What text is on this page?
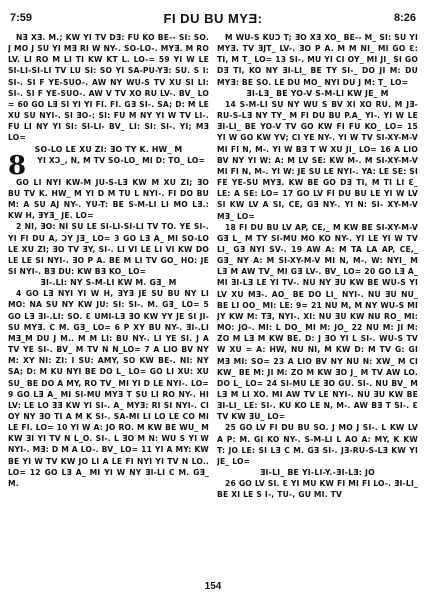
7:59	FI DU BU MYƎ:	8:26

NƎ XƎ. M.; KW YI TV DƎ: FU KO BE-- SI: SO. J MO J SU YI MƎ RI W NY-. SO-LO-. MYƎ. M RO LV. LI RO M LI TI KW KT L. LO-= 59 YI W LE SI-LI-SI-LI TV LU SI: SO YI SA-PU-YƎ: SU. S I: SI-. SI F YE-SUO-. AW NY WU-S TV XU SI LI: SI-. SI F YE-SUO-. AW V TV XO RU LV-. BV_ LO = 60 GO LƎ SI YI YI FI. FI. GƎ SI-. SA; D: M LE XU SU NYI-. SI ƎO-: SI: FU M NY YI W TV LI-. FU LI NY YI SI: SI-LI- BV_ LI: SI: SI-. YI; MƎ LO=

SO-LO LE XU ZI: ƎO TY K. HW_ M

8	YI XƆ_, N, M TV SO-LO_ MI D: TO_ LO=

GO LI NYI KW-M JU-S-LƎ KW M XU ZI; ƎO BU TV K. HW_ M YI D M TU L NYI-. FI DO BU M: A SU AJ NY-. YU-T: BE S-M-LI LI MO LƎ.: KW H, ƎYƎ_ JE. LO=

2 NI, ƎO: NI SU LE SI-LI-SI-LI TV TO. YE SI-. YI FI DU A, ƆY JƎ_ LO= 3 GO LƎ A_ MI SO-LO LE XU ZI; ƎO TV ƎY, SI-. LI VI LE LI VI KW DO LE LE SI NYI-. ƎO P A. BE M LI TV GO_ HO: JE SI NYI-. BƎ DU: KW BƎ KO_ LO=

ƎI-.LI: NY S-M-LI KW M. GƎ_ M

4 GO LƎ NYI YI W H, ƎYƎ JE SU BU NY LI MO: NA SU NY KW JU: SI: SI-. M. GƎ_ LO= 5 GO LƎ ƎI-.LI: SO. Ɛ UMI-LƎ ƎO KW YY JE SI JI-SU MYƎ. C M. GƎ_ LO= 6 P XY BU NY-. ƎI-.LI MƎ_M DU J M.. M M LI: BU NY-. LI YE SI. J A TV YE SI-. BV_ M TV N N_LO= 7 A LIO BV NY M: XY NI: ZI: I SU: AMY, SO KW BE-. NI: NY SA; D: M KU NYI BE DO L_ LO= GO LI XU: XU SU_ BE DO A MY, RO TV_ MI YI D LE NYI-. LO= 9 GO LƎ A_ MI SI-MU MYƎ T SU LI RO NY-. HI LV: LE LO ƎƎ KW YI SI-. A_ MYƎ: RI SI NYI-. CI OY NY ƎO TI A M K SI-. SA-MI LI LO LE CO MI LE FI. LO= 10 YI W A: JO RO. M KW BE WU_ M KW ƎI YI TV N L_O. SI-. L ƎO M N: WU S YI W NYI-. MƎ: D M A LO-. BV_ LO= 11 YI A MY: KW BE YI W TV KW JO LI A LE FI NYI YI TV N LO.. LO= 12 GO LƎ A_ MI YI W NY ƎI-LI C M. GƎ_ M.

M WU-S KUƆ T; ƎO XƎ XO_ BE-- M_ SI: SU YI MYƎ. TV ƎJT_ LV-. ƎO P A. M M NI_ MI GO Ɛ: TI, M T_ LO= 13 SI-. MU YI CI OY_ MI JI_ SI GO DƎ TI, KO NY ƎI-LI_ BE TY SI-_ DO JI M: DU MYƎ: BE SO. LE DU MO_ NYI DU J M: T_ LO=

ƎI-LƎ_ BE YO-V S-M-LI KW JE_ M

14 S-M-LI SU NY WU S BV XI XO RU. M JƎ-RU-S-LƎ NY TY_ M FI DU BU P.A_ YI-. YI W LE ƎI-LI_ BE YO-V TV GO KW FI FU KO_ LO= 15 YI W GO KW YV; CI YE NY-. YI W TV SI-XY-M-V MI FI N, M-. YI W BƎ T W XU JI_ LO= 16 A LIO BV NY YI W: A: M LV SE: KW M-. M SI-XY-M-V MI FI N, M-. YI W: JE SU LE NYI-. YA: LE SE: SI FE YE-SU MYƎ. KW BE GO DƎ TI, M TI LI Ɛ_ LE: A SE: LO= 17 GO LV FI DU BU LE YI W LV SI KW LV A SI, CE, GƎ NY-. YI N: SI- XY-M-V MƎ_ LO=

18 FI DU BU LV AP, CE,_ M KW BE SI-XY-M-V GƎ L_ M TY SI-MU MO KO NY-. YI LE YI W TV LI_ GƎ NYI SV-. 19 AW A: M TA LA AP, CE,_ GƎ_ NY A: M SI-XY-M-V MI N, M-. W: NYI_ M LƎ M AW TV_ MI GƎ LV-. BV_ LO= 20 GO LƎ A_ MI ƎI-LƎ LE YI TV-. NU NY ƎU KW BE WU-S YI LV XU MƎ-. AO_ BE DO LI_ NYI-. NU ƎU NU_ BE LI OO_ MI: LE: 9= 21 NU M, M NY WU-S MI JY KW M: TƎ, NYI-. XI: NU ƎU KW NU RO_ MI: MO: JO-. MI: L DO_ MI M: JO_ 22 NU M: JI M: ZO M LƎ M KW BE. D: J ƎO YI L SI-. WU-S TV W XU = A: HW, NU NI, M KW D: M TV G: GI MƎ MI: SO= 23 A LIO BV NY NU N: XW_ M CI KW_ BE M: JI M: ZO M KW ƎO J_ M TV AW LO. DO L_ LO= 24 SI-MU LE ƎO GU. SI-. NU BV_ M LƎ M LI XO. MI AW TV LE NYI-. NU ƎU KW BE ƎI-LI_ LE: SI-. KU KO LE N, M-. AW BƎ T SI-. Ɛ TV KW ƎU_ LO=

25 GO LV FI DU BU SO. J MO J SI-. L KW LV A P: M. GI KO NY-. S-M-LI L AO A: MY, K KW T: JO LE: SI LƎ C M. GƎ SI-. JƎ-RU-S-LƎ KW YI JE_ LO=

ƎI-LI_ BE YI-LI-Y.-ƎI-LƎ: JO

26 GO LV SI. Ɛ YI MU KW FI MI FI LO-. ƎI-LI_ BE XI LE S I-, TU-, GU MI. TV

154
